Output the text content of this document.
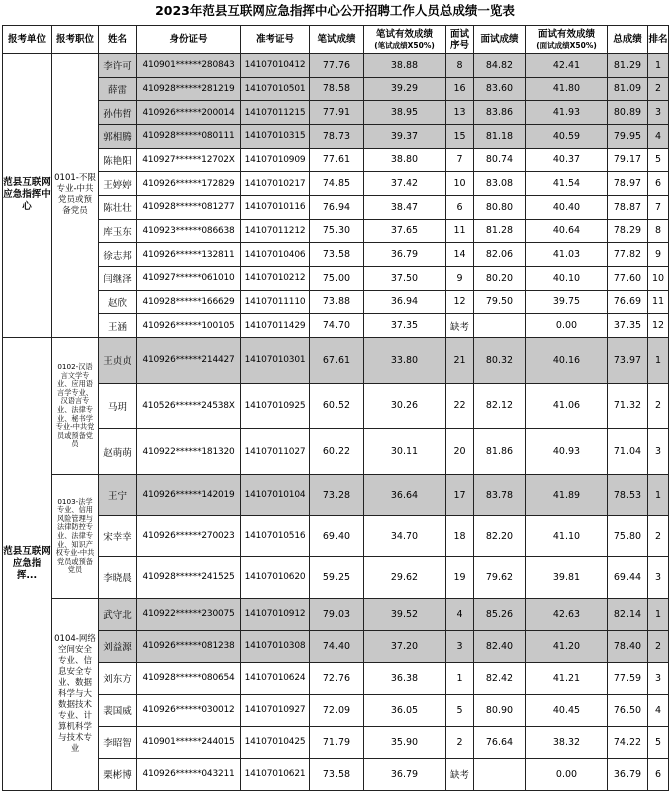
2023年范县互联网应急指挥中心公开招聘工作人员总成绩一览表
报考单位	报考职位	姓名	身份证号	准考证号	笔试成绩	笔试有效成绩
(笔试成绩X50%)	面试序号	面试成绩	面试有效成绩
(面试成绩X50%)	总成绩	排名
范县互联网应急指挥中心	0101-不限专业-中共党员或预备党员	李许可	410901******280843	14107010412	77.76	38.88	8	84.82	42.41	81.29	1
		薛雷	410928******281219	14107010501	78.58	39.29	16	83.60	41.80	81.09	2
		孙伟哲	410926******200014	14107011215	77.91	38.95	13	83.86	41.93	80.89	3
		郭相腾	410928******080111	14107010315	78.73	39.37	15	81.18	40.59	79.95	4
		陈艳阳	410927******12702X	14107010909	77.61	38.80	7	80.74	40.37	79.17	5
		王婷婷	410926******172829	14107010217	74.85	37.42	10	83.08	41.54	78.97	6
		陈壮壮	410928******081277	14107010116	76.94	38.47	6	80.80	40.40	78.87	7
		库玉东	410923******086638	14107011212	75.30	37.65	11	81.28	40.64	78.29	8
		徐志邦	410926******132811	14107010406	73.58	36.79	14	82.06	41.03	77.82	9
		闫继泽	410927******061010	14107010212	75.00	37.50	9	80.20	40.10	77.60	10
		赵欣	410928******166629	14107011110	73.88	36.94	12	79.50	39.75	76.69	11
		王涵	410926******100105	14107011429	74.70	37.35	缺考		0.00	37.35	12
范县互联网应急指挥...	0102-汉语言文学专业、应用语言学专业、汉语言专业、法律专业、秘书学专业-中共党员或预备党员	王贞贞	410926******214427	14107010301	67.61	33.80	21	80.32	40.16	73.97	1
		马玥	410526******24538X	14107010925	60.52	30.26	22	82.12	41.06	71.32	2
		赵萌萌	410922******181320	14107011027	60.22	30.11	20	81.86	40.93	71.04	3
	0103-法学专业、信用风险管理与法律防控专业、法律专业、知识产权专业-中共党员或预备党员	王宁	410926******142019	14107010104	73.28	36.64	17	83.78	41.89	78.53	1
		宋幸幸	410926******270023	14107010516	69.40	34.70	18	82.20	41.10	75.80	2
		李晓晨	410928******241525	14107010620	59.25	29.62	19	79.62	39.81	69.44	3
	0104-网络空间安全专业、信息安全专业、数据科学与大数据技术专业、计算机科学与技术专业	武守北	410922******230075	14107010912	79.03	39.52	4	85.26	42.63	82.14	1
		刘益源	410926******081238	14107010308	74.40	37.20	3	82.40	41.20	78.40	2
		刘东方	410928******080654	14107010624	72.76	36.38	1	82.42	41.21	77.59	3
		裴国威	410926******030012	14107010927	72.09	36.05	5	80.90	40.45	76.50	4
		李昭智	410901******244015	14107010425	71.79	35.90	2	76.64	38.32	74.22	5
		栗彬博	410926******043211	14107010621	73.58	36.79	缺考		0.00	36.79	6
